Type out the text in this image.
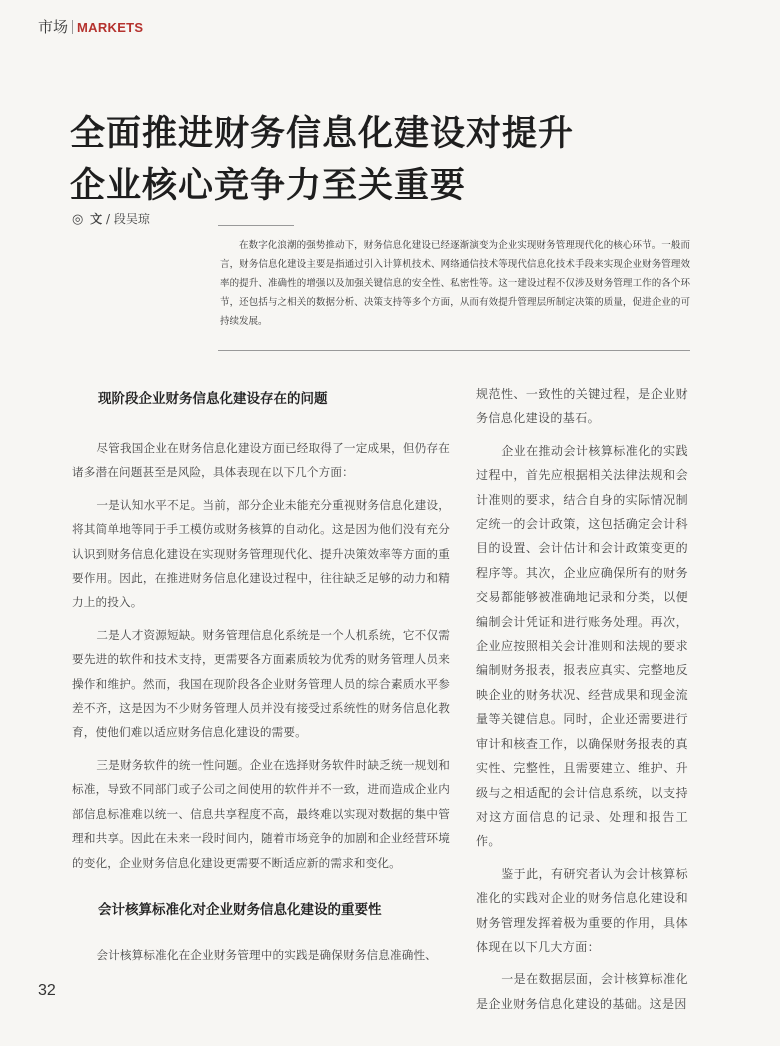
市场 MARKETS
全面推进财务信息化建设对提升
企业核心竞争力至关重要
◎ 文 / 段吴琼
在数字化浪潮的强势推动下，财务信息化建设已经逐渐演变为企业实现财务管理现代化的核心环节。一般而言，财务信息化建设主要是指通过引入计算机技术、网络通信技术等现代信息化技术手段来实现企业财务管理效率的提升、准确性的增强以及加强关键信息的安全性、私密性等。这一建设过程不仅涉及财务管理工作的各个环节，还包括与之相关的数据分析、决策支持等多个方面，从而有效提升管理层所制定决策的质量，促进企业的可持续发展。
现阶段企业财务信息化建设存在的问题

尽管我国企业在财务信息化建设方面已经取得了一定成果，但仍存在诸多潜在问题甚至是风险，具体表现在以下几个方面：

一是认知水平不足。当前，部分企业未能充分重视财务信息化建设，将其简单地等同于手工模仿或财务核算的自动化。这是因为他们没有充分认识到财务信息化建设在实现财务管理现代化、提升决策效率等方面的重要作用。因此，在推进财务信息化建设过程中，往往缺乏足够的动力和精力上的投入。

二是人才资源短缺。财务管理信息化系统是一个人机系统，它不仅需要先进的软件和技术支持，更需要各方面素质较为优秀的财务管理人员来操作和维护。然而，我国在现阶段各企业财务管理人员的综合素质水平参差不齐，这是因为不少财务管理人员并没有接受过系统性的财务信息化教育，使他们难以适应财务信息化建设的需要。

三是财务软件的统一性问题。企业在选择财务软件时缺乏统一规划和标准，导致不同部门或子公司之间使用的软件并不一致，进而造成企业内部信息标准难以统一、信息共享程度不高，最终难以实现对数据的集中管理和共享。因此在未来一段时间内，随着市场竞争的加剧和企业经营环境的变化，企业财务信息化建设更需要不断适应新的需求和变化。

会计核算标准化对企业财务信息化建设的重要性

会计核算标准化在企业财务管理中的实践是确保财务信息准确性、

规范性、一致性的关键过程，是企业财务信息化建设的基石。

企业在推动会计核算标准化的实践过程中，首先应根据相关法律法规和会计准则的要求，结合自身的实际情况制定统一的会计政策，这包括确定会计科目的设置、会计估计和会计政策变更的程序等。其次，企业应确保所有的财务交易都能够被准确地记录和分类，以便编制会计凭证和进行账务处理。再次，企业应按照相关会计准则和法规的要求编制财务报表，报表应真实、完整地反映企业的财务状况、经营成果和现金流量等关键信息。同时，企业还需要进行审计和核查工作，以确保财务报表的真实性、完整性，且需要建立、维护、升级与之相适配的会计信息系统，以支持对这方面信息的记录、处理和报告工作。

鉴于此，有研究者认为会计核算标准化的实践对企业的财务信息化建设和财务管理发挥着极为重要的作用，具体体现在以下几大方面：

一是在数据层面，会计核算标准化是企业财务信息化建设的基础。这是因

32
